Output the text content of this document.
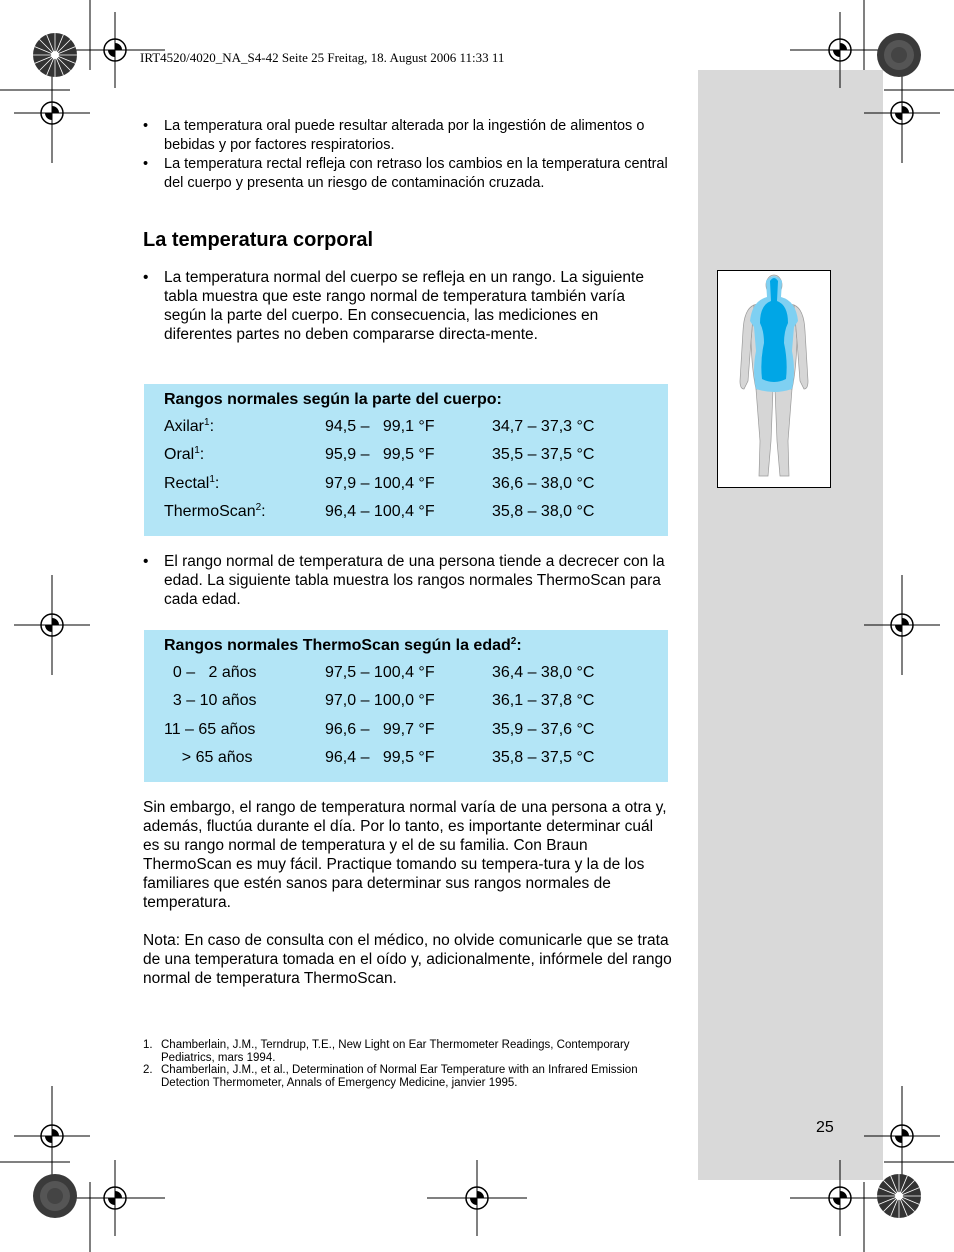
IRT4520/4020_NA_S4-42 Seite 25 Freitag, 18. August 2006 11:33 11
• La temperatura oral puede resultar alterada por la ingestión de alimentos o bebidas y por factores respiratorios.
• La temperatura rectal refleja con retraso los cambios en la temperatura central del cuerpo y presenta un riesgo de contaminación cruzada.
La temperatura corporal
• La temperatura normal del cuerpo se refleja en un rango. La siguiente tabla muestra que este rango normal de temperatura también varía según la parte del cuerpo. En consecuencia, las mediciones en diferentes partes no deben compararse directa-mente.
Rangos normales según la parte del cuerpo:
Axilar$^1$:	94,5 –   99,1 °F	34,7 – 37,3 °C
Oral$^1$:	95,9 –   99,5 °F	35,5 – 37,5 °C
Rectal$^1$:	97,9 – 100,4 °F	36,6 – 38,0 °C
ThermoScan$^2$:	96,4 – 100,4 °F	35,8 – 38,0 °C
• El rango normal de temperatura de una persona tiende a decrecer con la edad. La siguiente tabla muestra los rangos normales ThermoScan para cada edad.
Rangos normales ThermoScan según la edad$^2$:
0 –   2 años	97,5 – 100,4 °F	36,4 – 38,0 °C
3 – 10 años	97,0 – 100,0 °F	36,1 – 37,8 °C
11 – 65 años	96,6 –   99,7 °F	35,9 – 37,6 °C
> 65 años	96,4 –   99,5 °F	35,8 – 37,5 °C

Sin embargo, el rango de temperatura normal varía de una persona a otra y, además, fluctúa durante el día. Por lo tanto, es importante determinar cuál es su rango normal de temperatura y el de su familia. Con Braun ThermoScan es muy fácil. Practique tomando su tempera-tura y la de los familiares que estén sanos para determinar sus rangos normales de temperatura.

Nota: En caso de consulta con el médico, no olvide comunicarle que se trata de una temperatura tomada en el oído y, adicionalmente, infórmele del rango normal de temperatura ThermoScan.

1. Chamberlain, J.M., Terndrup, T.E., New Light on Ear Thermometer Readings, Contemporary Pediatrics, mars 1994.
2. Chamberlain, J.M., et al., Determination of Normal Ear Temperature with an Infrared Emission Detection Thermometer, Annals of Emergency Medicine, janvier 1995.
25
